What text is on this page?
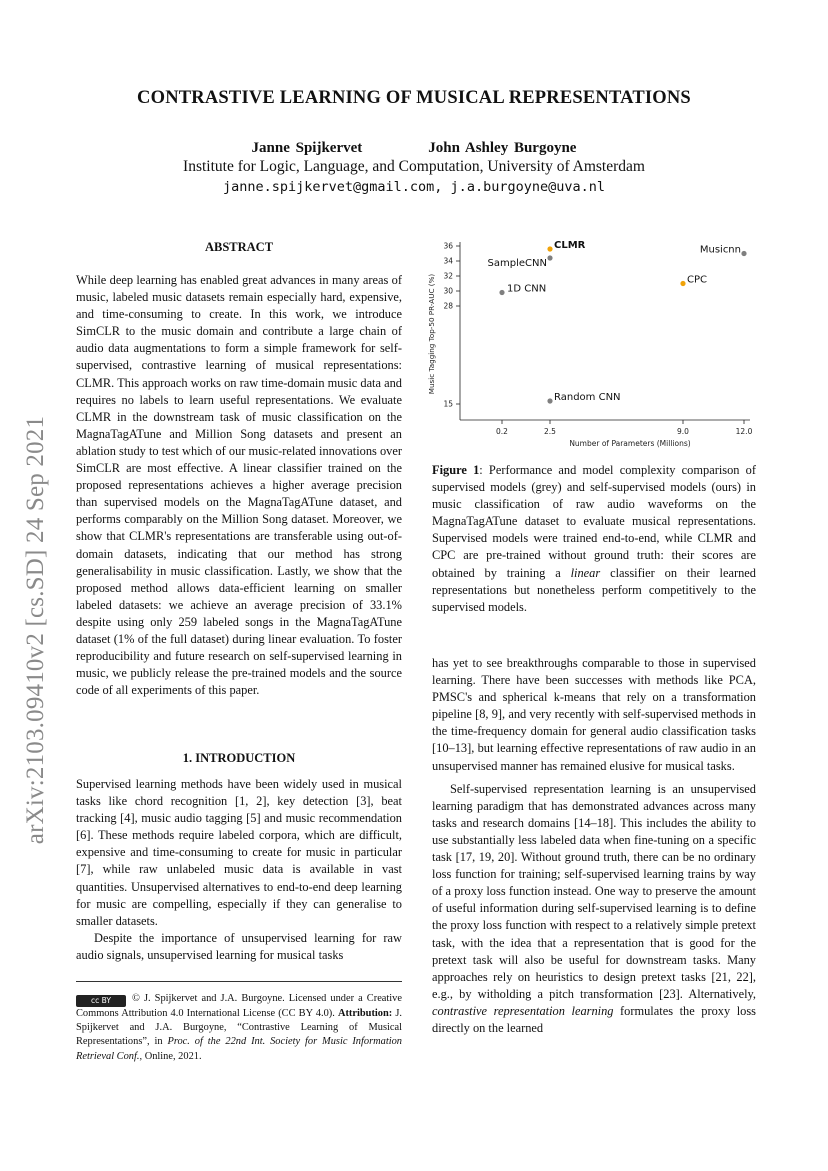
arXiv:2103.09410v2 [cs.SD] 24 Sep 2021
CONTRASTIVE LEARNING OF MUSICAL REPRESENTATIONS
Janne Spijkervet	John Ashley Burgoyne
Institute for Logic, Language, and Computation, University of Amsterdam
janne.spijkervet@gmail.com, j.a.burgoyne@uva.nl
ABSTRACT

While deep learning has enabled great advances in many areas of music, labeled music datasets remain especially hard, expensive, and time-consuming to create. In this work, we introduce SimCLR to the music domain and contribute a large chain of audio data augmentations to form a simple framework for self-supervised, contrastive learning of musical representations: CLMR. This approach works on raw time-domain music data and requires no labels to learn useful representations. We evaluate CLMR in the downstream task of music classification on the MagnaTagATune and Million Song datasets and present an ablation study to test which of our music-related innovations over SimCLR are most effective. A linear classifier trained on the proposed representations achieves a higher average precision than supervised models on the MagnaTagATune dataset, and performs comparably on the Million Song dataset. Moreover, we show that CLMR's representations are transferable using out-of-domain datasets, indicating that our method has strong generalisability in music classification. Lastly, we show that the proposed method allows data-efficient learning on smaller labeled datasets: we achieve an average precision of 33.1% despite using only 259 labeled songs in the MagnaTagATune dataset (1% of the full dataset) during linear evaluation. To foster reproducibility and future research on self-supervised learning in music, we publicly release the pre-trained models and the source code of all experiments of this paper.

1. INTRODUCTION

Supervised learning methods have been widely used in musical tasks like chord recognition [1, 2], key detection [3], beat tracking [4], music audio tagging [5] and music recommendation [6]. These methods require labeled corpora, which are difficult, expensive and time-consuming to create for music in particular [7], while raw unlabeled music data is available in vast quantities. Unsupervised alternatives to end-to-end deep learning for music are compelling, especially if they can generalise to smaller datasets.

Despite the importance of unsupervised learning for raw audio signals, unsupervised learning for musical tasks

cc BY © J. Spijkervet and J.A. Burgoyne. Licensed under a Creative Commons Attribution 4.0 International License (CC BY 4.0). Attribution: J. Spijkervet and J.A. Burgoyne, “Contrastive Learning of Musical Representations”, in Proc. of the 22nd Int. Society for Music Information Retrieval Conf., Online, 2021.
36
34
32
30
28
15
0.2	2.5	9.0	12.0
CLMR
SampleCNN
Musicnn
CPC
1D CNN
Random CNN
Number of Parameters (Millions)
Music Tagging Top-50 PR-AUC (%)
Figure 1: Performance and model complexity comparison of supervised models (grey) and self-supervised models (ours) in music classification of raw audio waveforms on the MagnaTagATune dataset to evaluate musical representations. Supervised models were trained end-to-end, while CLMR and CPC are pre-trained without ground truth: their scores are obtained by training a linear classifier on their learned representations but nonetheless perform competitively to the supervised models.

has yet to see breakthroughs comparable to those in supervised learning. There have been successes with methods like PCA, PMSC's and spherical k-means that rely on a transformation pipeline [8, 9], and very recently with self-supervised methods in the time-frequency domain for general audio classification tasks [10–13], but learning effective representations of raw audio in an unsupervised manner has remained elusive for musical tasks.

Self-supervised representation learning is an unsupervised learning paradigm that has demonstrated advances across many tasks and research domains [14–18]. This includes the ability to use substantially less labeled data when fine-tuning on a specific task [17, 19, 20]. Without ground truth, there can be no ordinary loss function for training; self-supervised learning trains by way of a proxy loss function instead. One way to preserve the amount of useful information during self-supervised learning is to define the proxy loss function with respect to a relatively simple pretext task, with the idea that a representation that is good for the pretext task will also be useful for downstream tasks. Many approaches rely on heuristics to design pretext tasks [21, 22], e.g., by witholding a pitch transformation [23]. Alternatively, contrastive representation learning formulates the proxy loss directly on the learned
